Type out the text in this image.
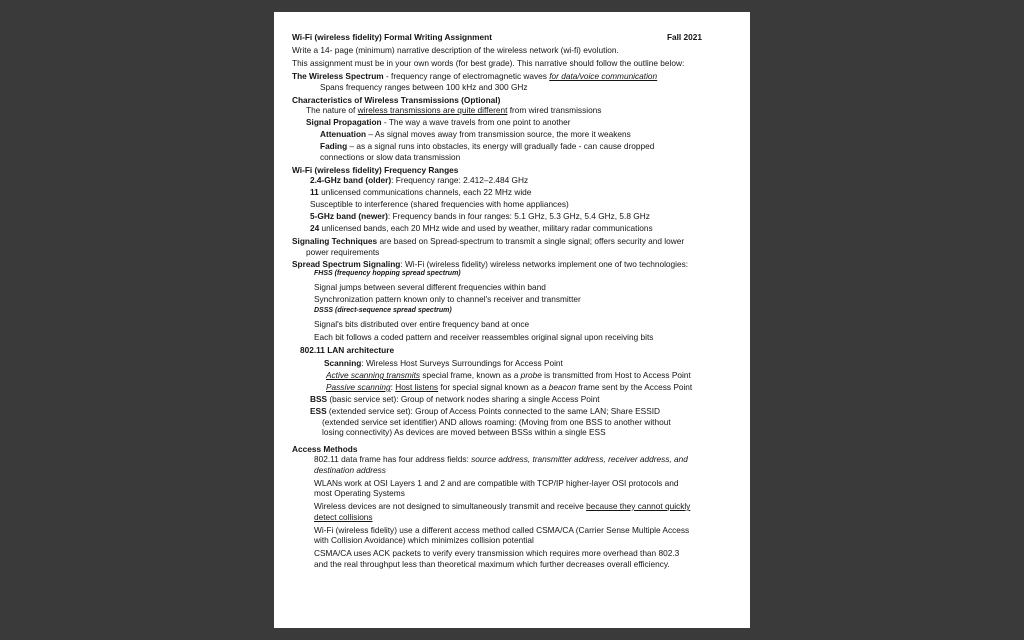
Wi-Fi (wireless fidelity) Formal Writing Assignment	Fall 2021

Write a 14- page (minimum) narrative description of the wireless network (wi-fi) evolution.

This assignment must be in your own words (for best grade). This narrative should follow the outline below:

The Wireless Spectrum - frequency range of electromagnetic waves for data/voice communication

Spans frequency ranges between 100 kHz and 300 GHz

Characteristics of Wireless Transmissions (Optional)

The nature of wireless transmissions are quite different from wired transmissions

Signal Propagation - The way a wave travels from one point to another

Attenuation – As signal moves away from transmission source, the more it weakens

Fading – as a signal runs into obstacles, its energy will gradually fade - can cause dropped

connections or slow data transmission

Wi-Fi (wireless fidelity) Frequency Ranges

2.4-GHz band (older): Frequency range: 2.412–2.484 GHz

11 unlicensed communications channels, each 22 MHz wide

Susceptible to interference (shared frequencies with home appliances)

5-GHz band (newer): Frequency bands in four ranges: 5.1 GHz, 5.3 GHz, 5.4 GHz, 5.8 GHz

24 unlicensed bands, each 20 MHz wide and used by weather, military radar communications

Signaling Techniques are based on Spread-spectrum to transmit a single signal; offers security and lower

power requirements

Spread Spectrum Signaling: Wi-Fi (wireless fidelity) wireless networks implement one of two technologies:

FHSS (frequency hopping spread spectrum)

Signal jumps between several different frequencies within band

Synchronization pattern known only to channel's receiver and transmitter

DSSS (direct-sequence spread spectrum)

Signal's bits distributed over entire frequency band at once

Each bit follows a coded pattern and receiver reassembles original signal upon receiving bits

802.11 LAN architecture

Scanning: Wireless Host Surveys Surroundings for Access Point

Active scanning transmits special frame, known as a probe is transmitted from Host to Access Point

Passive scanning: Host listens for special signal known as a beacon frame sent by the Access Point

BSS (basic service set): Group of network nodes sharing a single Access Point

ESS (extended service set): Group of Access Points connected to the same LAN; Share ESSID

(extended service set identifier) AND allows roaming: (Moving from one BSS to another without

losing connectivity) As devices are moved between BSSs within a single ESS

Access Methods

802.11 data frame has four address fields: source address, transmitter address, receiver address, and

destination address

WLANs work at OSI Layers 1 and 2 and are compatible with TCP/IP higher-layer OSI protocols and

most Operating Systems

Wireless devices are not designed to simultaneously transmit and receive because they cannot quickly

detect collisions

Wi-Fi (wireless fidelity) use a different access method called CSMA/CA (Carrier Sense Multiple Access

with Collision Avoidance) which minimizes collision potential

CSMA/CA uses ACK packets to verify every transmission which requires more overhead than 802.3

and the real throughput less than theoretical maximum which further decreases overall efficiency.
